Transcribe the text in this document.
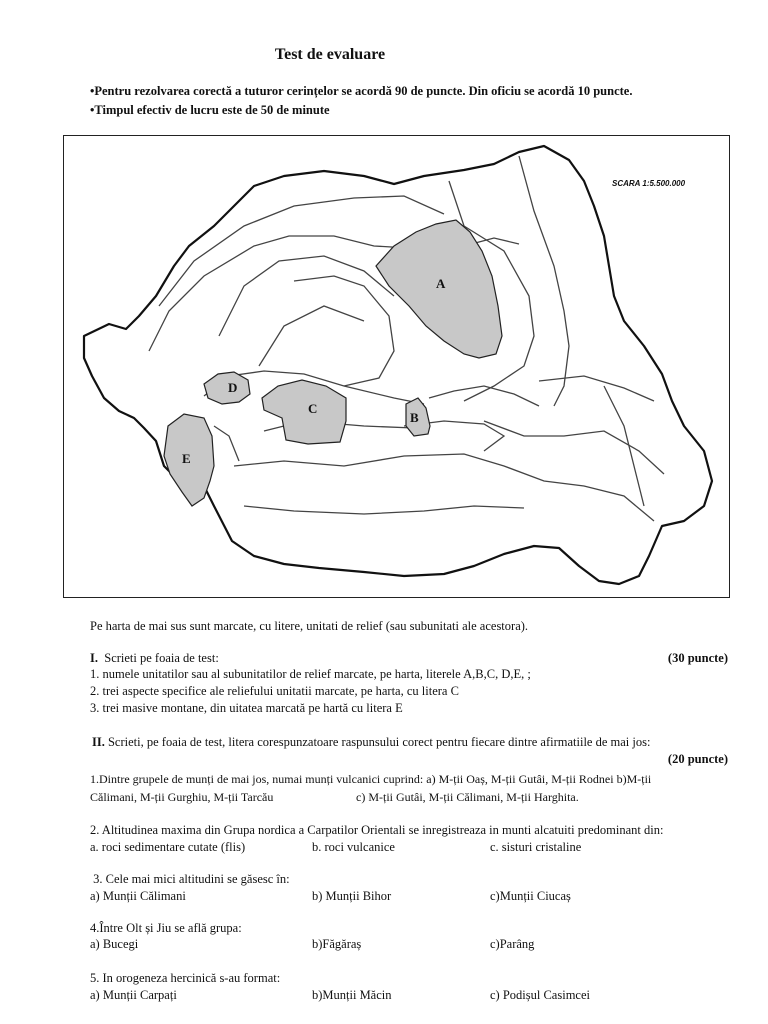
Test de evaluare
•Pentru rezolvarea corectă a tuturor cerințelor se acordă 90 de puncte. Din oficiu se acordă 10 puncte.
•Timpul efectiv de lucru este de 50 de minute
A
B
C
D
E
SCARA 1:5.500.000
Pe harta de mai sus sunt marcate, cu litere, unitati de relief (sau subunitati ale acestora).
I. Scrieti pe foaia de test:	(30 puncte)
1. numele unitatilor sau al subunitatilor de relief marcate, pe harta, literele A,B,C, D,E, ;
2. trei aspecte specifice ale reliefului unitatii marcate, pe harta, cu litera C
3. trei masive montane, din uitatea marcată pe hartă cu litera E
II. Scrieti, pe foaia de test, litera corespunzatoare raspunsului corect pentru fiecare dintre afirmatiile de mai jos:
(20 puncte)
1.Dintre grupele de munți de mai jos, numai munți vulcanici cuprind: a) M-ții Oaș, M-ții Gutâi, M-ții Rodnei b)M-ții
Călimani, M-ții Gurghiu, M-ții Tarcău	c) M-ții Gutâi, M-ții Călimani, M-ții Harghita.
2. Altitudinea maxima din Grupa nordica a Carpatilor Orientali se inregistreaza in munti alcatuiti predominant din:
a. roci sedimentare cutate (flis)	b. roci vulcanice	c. sisturi cristaline
3. Cele mai mici altitudini se găsesc în:
a) Munții Călimani	b) Munții Bihor	c)Munții Ciucaș
4.Între Olt și Jiu se află grupa:
a) Bucegi	b)Făgăraș	c)Parâng
5. In orogeneza hercinică s-au format:
a) Munții Carpați	b)Munții Măcin	c) Podișul Casimcei
